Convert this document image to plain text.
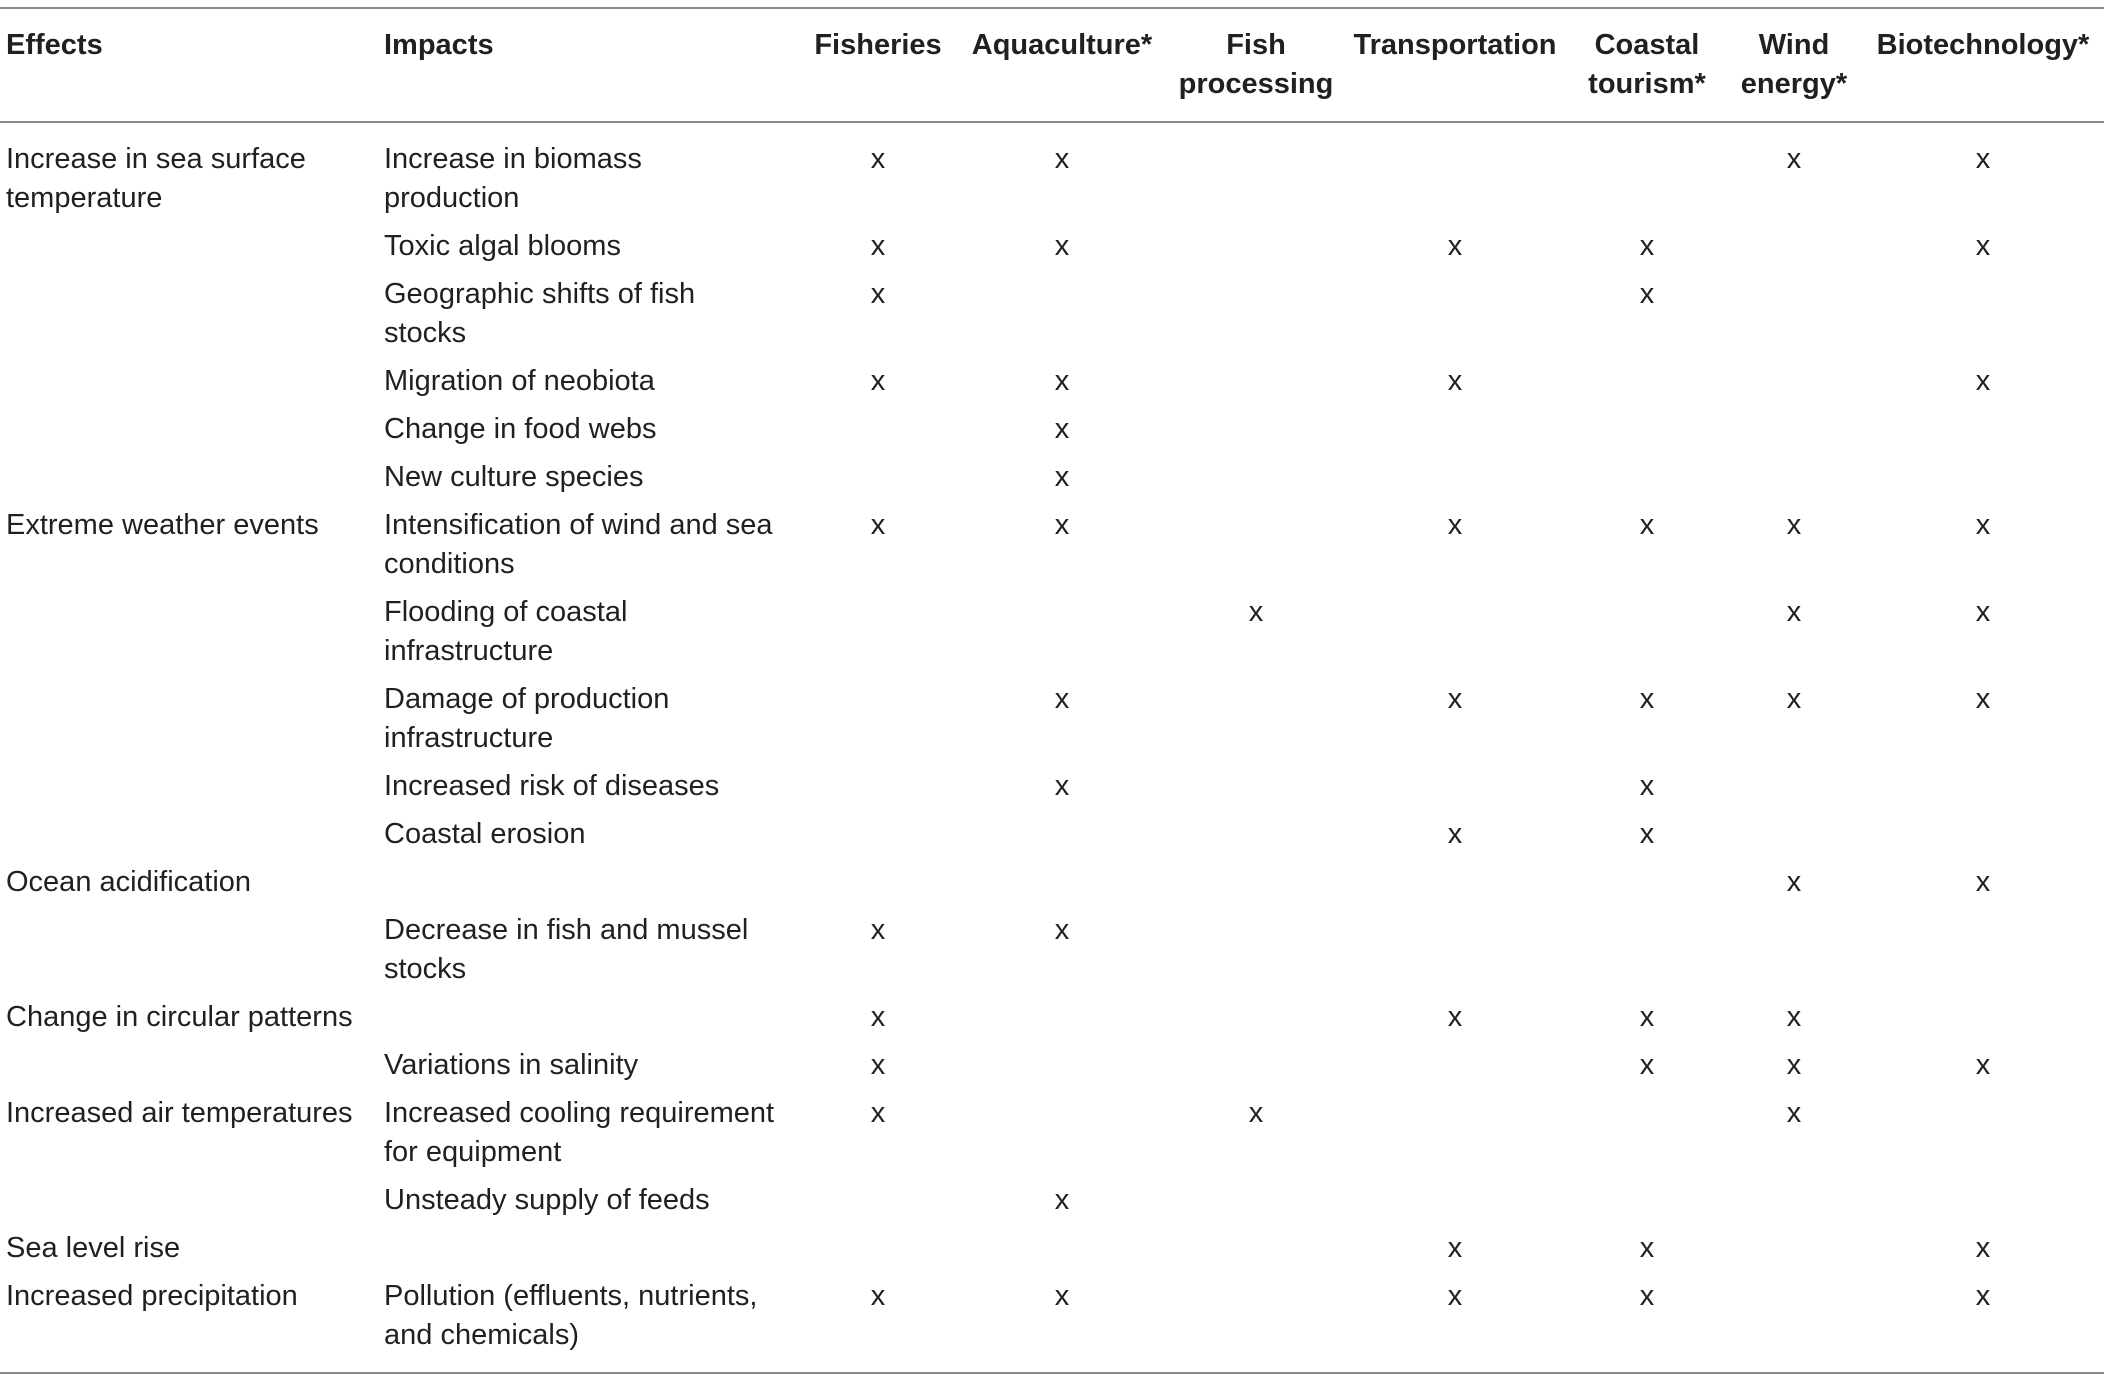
Effects	Impacts	Fisheries	Aquaculture*	Fish processing	Transportation	Coastal tourism*	Wind energy*	Biotechnology*
Increase in sea surface temperature	Increase in biomass production	x	x				x	x
	Toxic algal blooms	x	x		x	x		x
	Geographic shifts of fish stocks	x				x		
	Migration of neobiota	x	x		x			x
	Change in food webs		x					
	New culture species		x					
Extreme weather events	Intensification of wind and sea conditions	x	x		x	x	x	x
	Flooding of coastal infrastructure			x			x	x
	Damage of production infrastructure		x		x	x	x	x
	Increased risk of diseases		x			x		
	Coastal erosion				x	x		
Ocean acidification							x	x
	Decrease in fish and mussel stocks	x	x					
Change in circular patterns		x			x	x	x	
	Variations in salinity	x				x	x	x
Increased air temperatures	Increased cooling requirement for equipment	x		x			x	
	Unsteady supply of feeds		x					
Sea level rise					x	x		x
Increased precipitation	Pollution (effluents, nutrients, and chemicals)	x	x		x	x		x
